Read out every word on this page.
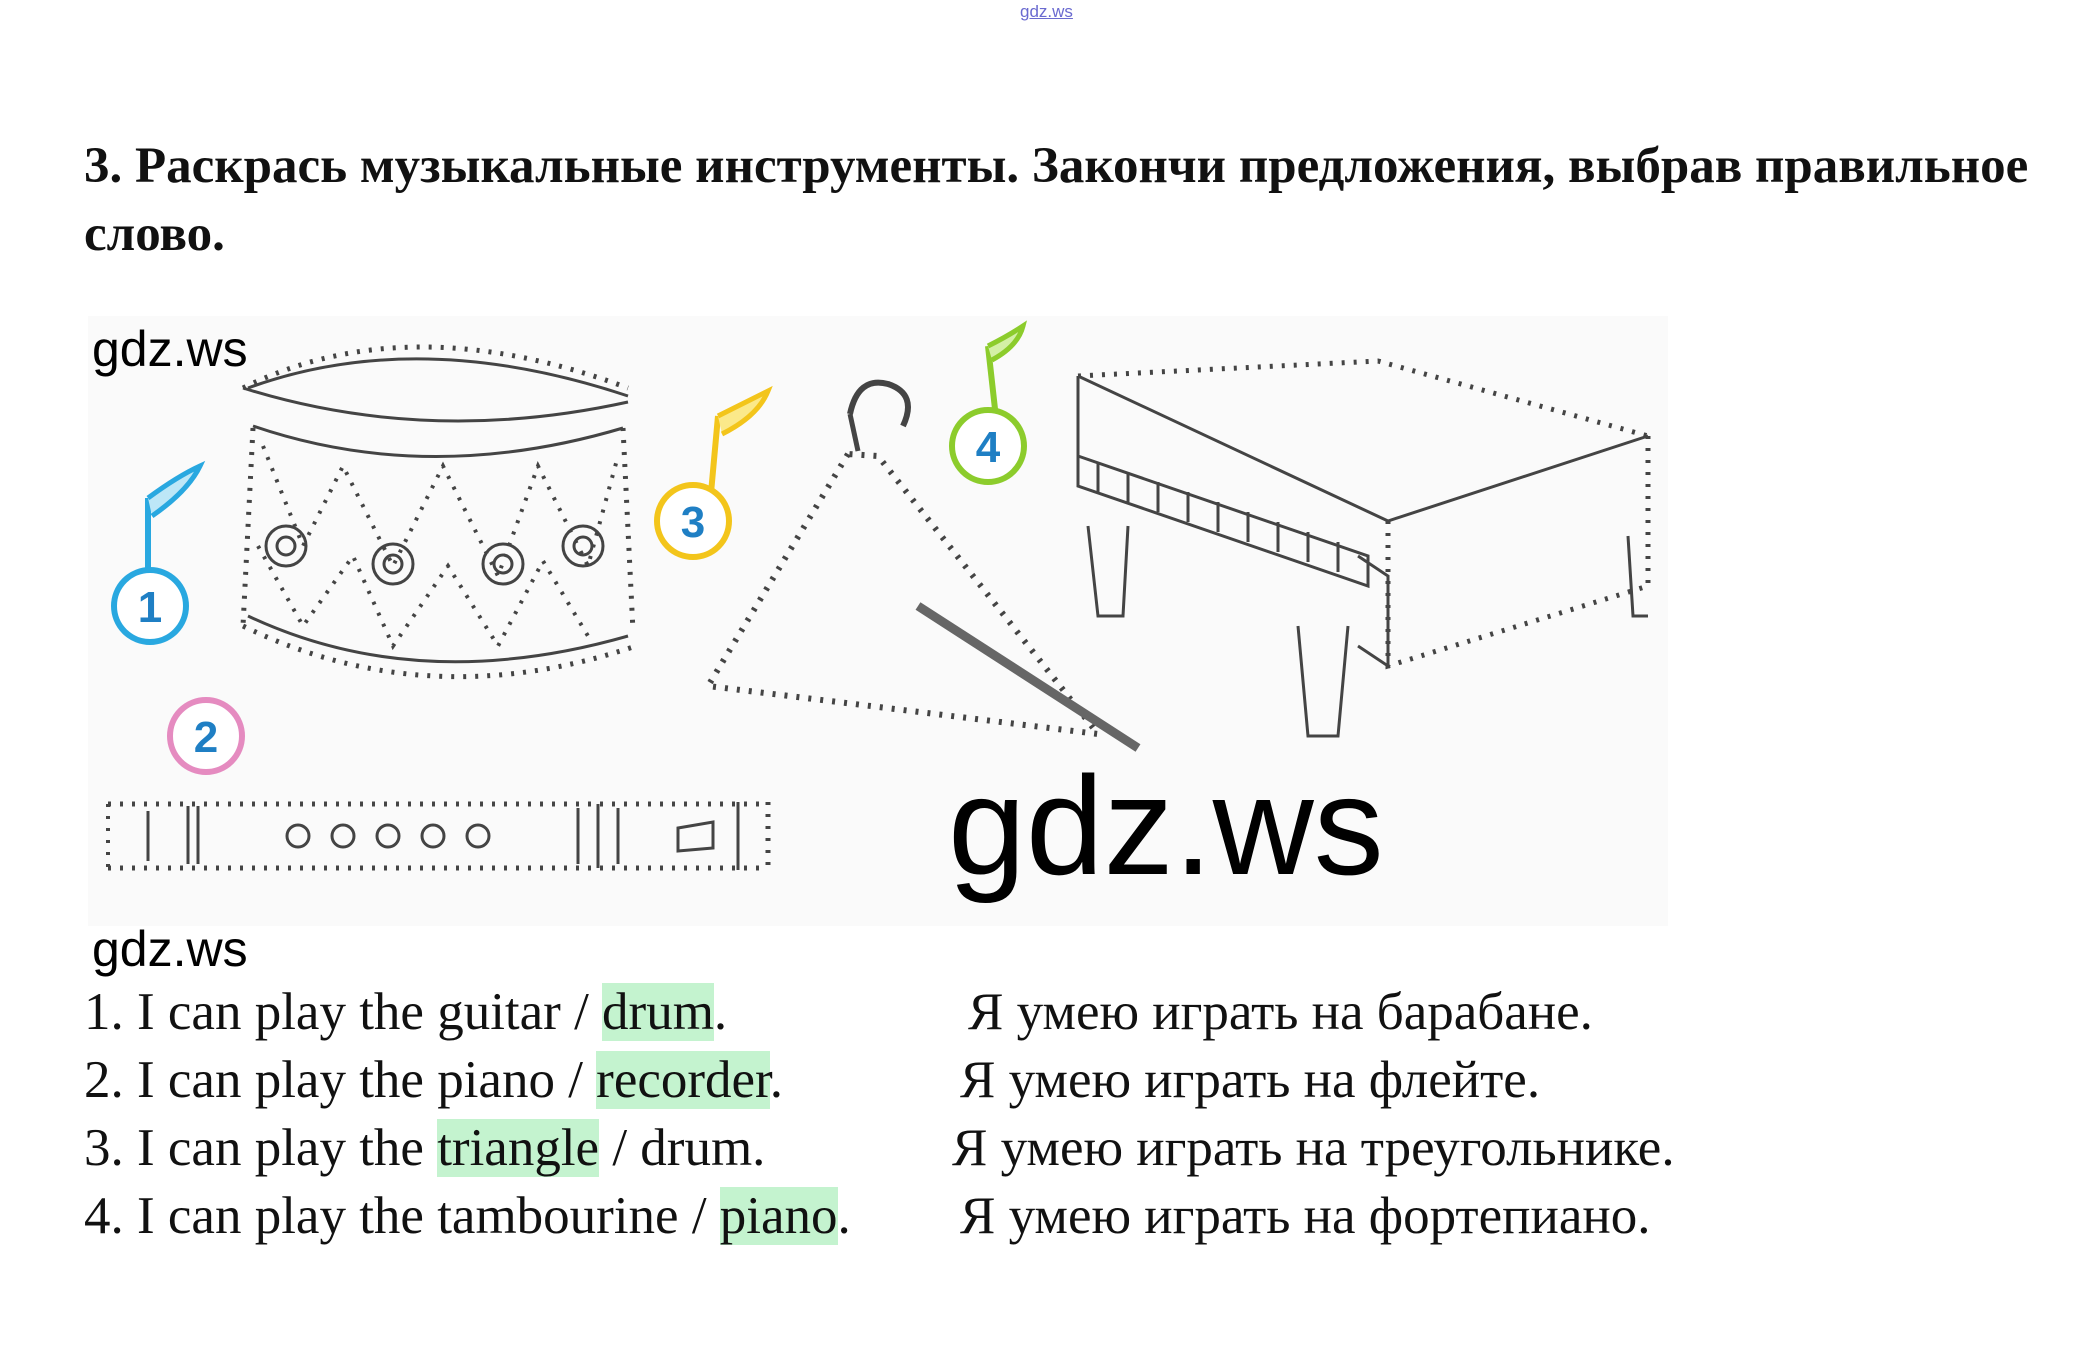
gdz.ws

3. Раскрась музыкальные инструменты. Закончи предложения, выбрав правильное слово.

1
2
3
4
gdz.ws
gdz.ws
gdz.ws
1. I can play the guitar / drum.	Я умею играть на барабане.
2. I can play the piano / recorder.	Я умею играть на флейте.
3. I can play the triangle / drum.	Я умею играть на треугольнике.
4. I can play the tambourine / piano. Я умею играть на фортепиано.
